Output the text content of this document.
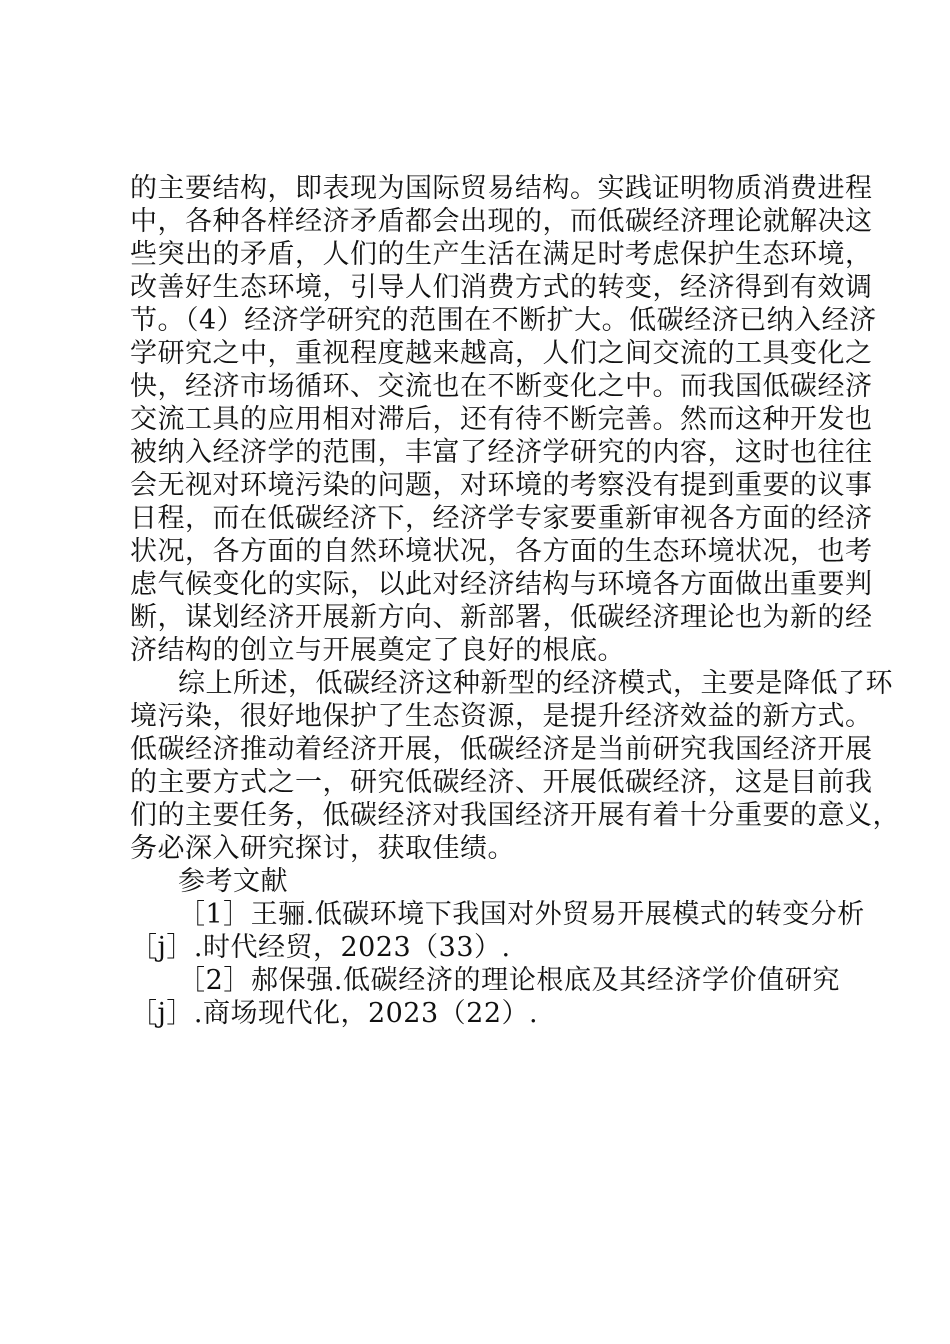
的主要结构，即表现为国际贸易结构。实践证明物质消费进程
中，各种各样经济矛盾都会出现的，而低碳经济理论就解决这
些突出的矛盾，人们的生产生活在满足时考虑保护生态环境，
改善好生态环境，引导人们消费方式的转变，经济得到有效调
节。（4）经济学研究的范围在不断扩大。低碳经济已纳入经济
学研究之中，重视程度越来越高，人们之间交流的工具变化之
快，经济市场循环、交流也在不断变化之中。而我国低碳经济
交流工具的应用相对滞后，还有待不断完善。然而这种开发也
被纳入经济学的范围，丰富了经济学研究的内容，这时也往往
会无视对环境污染的问题，对环境的考察没有提到重要的议事
日程，而在低碳经济下，经济学专家要重新审视各方面的经济
状况，各方面的自然环境状况，各方面的生态环境状况，也考
虑气候变化的实际，以此对经济结构与环境各方面做出重要判
断，谋划经济开展新方向、新部署，低碳经济理论也为新的经
济结构的创立与开展奠定了良好的根底。
综上所述，低碳经济这种新型的经济模式，主要是降低了环
境污染，很好地保护了生态资源，是提升经济效益的新方式。
低碳经济推动着经济开展，低碳经济是当前研究我国经济开展
的主要方式之一，研究低碳经济、开展低碳经济，这是目前我
们的主要任务，低碳经济对我国经济开展有着十分重要的意义，
务必深入研究探讨，获取佳绩。
参考文献
［1］王骊.低碳环境下我国对外贸易开展模式的转变分析
［j］.时代经贸，2023（33）.
［2］郝保强.低碳经济的理论根底及其经济学价值研究
［j］.商场现代化，2023（22）.
